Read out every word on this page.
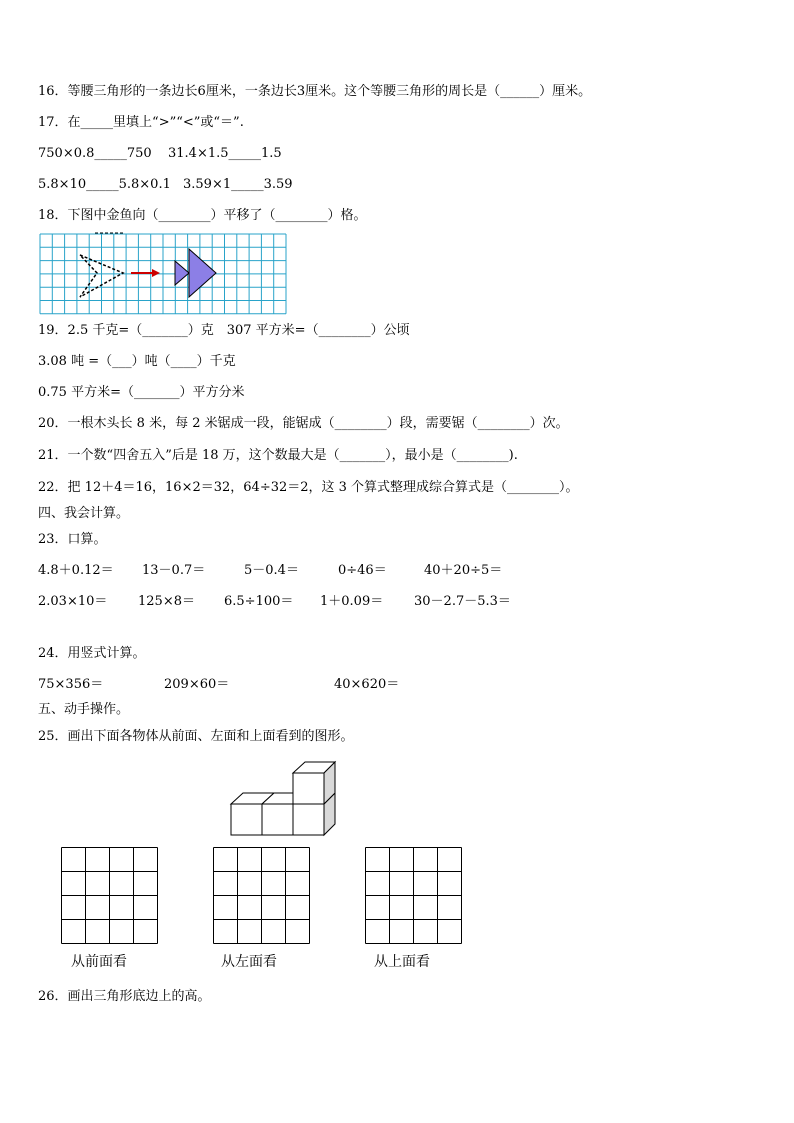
16．等腰三角形的一条边长6厘米，一条边长3厘米。这个等腰三角形的周长是（______）厘米。
17．在_____里填上“>”“<”或“＝”.
750×0.8_____750 31.4×1.5_____1.5
5.8×10_____5.8×0.1 3.59×1_____3.59
18．下图中金鱼向（________）平移了（________）格。
19．2.5 千克=（_______）克　307 平方米=（________）公顷
3.08 吨 =（___）吨（____）千克
0.75 平方米=（_______）平方分米
20．一根木头长 8 米，每 2 米锯成一段，能锯成（________）段，需要锯（________）次。
21．一个数“四舍五入”后是 18 万，这个数最大是（_______），最小是（________).
22．把 12＋4＝16，16×2＝32，64÷32＝2，这 3 个算式整理成综合算式是（________）。
四、我会计算。
23．口算。
4.8＋0.12＝ 13－0.7＝	5－0.4＝	0÷46＝	40＋20÷5＝
2.03×10＝ 125×8＝ 6.5÷100＝ 1＋0.09＝ 30－2.7－5.3＝
24．用竖式计算。
75×356＝	209×60＝	40×620＝
五、动手操作。
25．画出下面各物体从前面、左面和上面看到的图形。
从前面看	从左面看	从上面看
26．画出三角形底边上的高。
